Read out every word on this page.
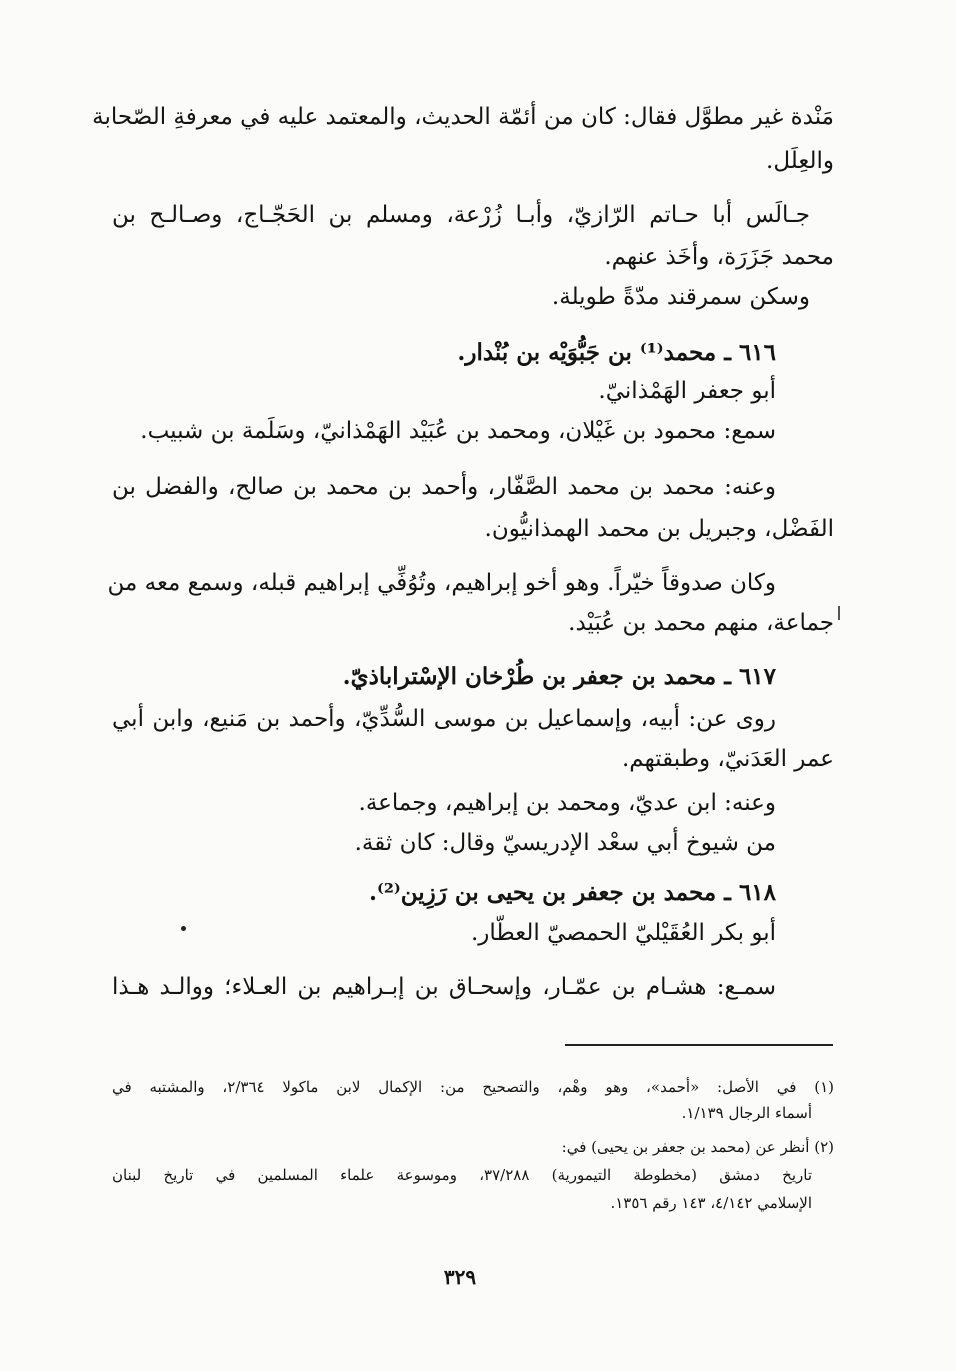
مَنْدة غير مطوَّل فقال: كان من أئمّة الحديث، والمعتمد عليه في معرفةِ الصّحابة
والعِلَل.
جـالَس أبا حـاتم الرّازيّ، وأبـا زُرْعة، ومسلم بن الحَجّـاج، وصـالـح بن
محمد جَزَرَة، وأخَذ عنهم.
وسكن سمرقند مدّةً طويلة.
٦١٦ ـ محمد⁽¹⁾ بن جَبُّوَيْه بن بُنْدار.
أبو جعفر الهَمْذانيّ.
سمع: محمود بن غَيْلان، ومحمد بن عُبَيْد الهَمْذانيّ، وسَلَمة بن شبيب.
وعنه: محمد بن محمد الصَّفّار، وأحمد بن محمد بن صالح، والفضل بن
الفَضْل، وجبريل بن محمد الهمذانيُّون.
وكان صدوقاً خيّراً. وهو أخو إبراهيم، وتُوُفِّي إبراهيم قبله، وسمع معه من
جماعة، منهم محمد بن عُبَيْد.
٦١٧ ـ محمد بن جعفر بن طُرْخان الإسْتراباذيّ.
روى عن: أبيه، وإسماعيل بن موسى السُّدِّيّ، وأحمد بن مَنيع، وابن أبي
عمر العَدَنيّ، وطبقتهم.
وعنه: ابن عديّ، ومحمد بن إبراهيم، وجماعة.
من شيوخ أبي سعْد الإدريسيّ وقال: كان ثقة.
٦١٨ ـ محمد بن جعفر بن يحيى بن رَزِين⁽²⁾.
أبو بكر العُقَيْليّ الحمصيّ العطّار.
سمـع: هشـام بن عمّـار، وإسحـاق بن إبـراهيم بن العـلاء؛ ووالـد هـذا
(١) في الأصل: «أحمد»، وهو وهْم، والتصحيح من: الإكمال لابن ماكولا ٢/٣٦٤، والمشتبه في
أسماء الرجال ١/١٣٩.
(٢) أنظر عن (محمد بن جعفر بن يحيى) في:
تاريخ دمشق (مخطوطة التيمورية) ٣٧/٢٨٨، وموسوعة علماء المسلمين في تاريخ لبنان
الإسلامي ٤/١٤٢، ١٤٣ رقم ١٣٥٦.
٣٢٩
